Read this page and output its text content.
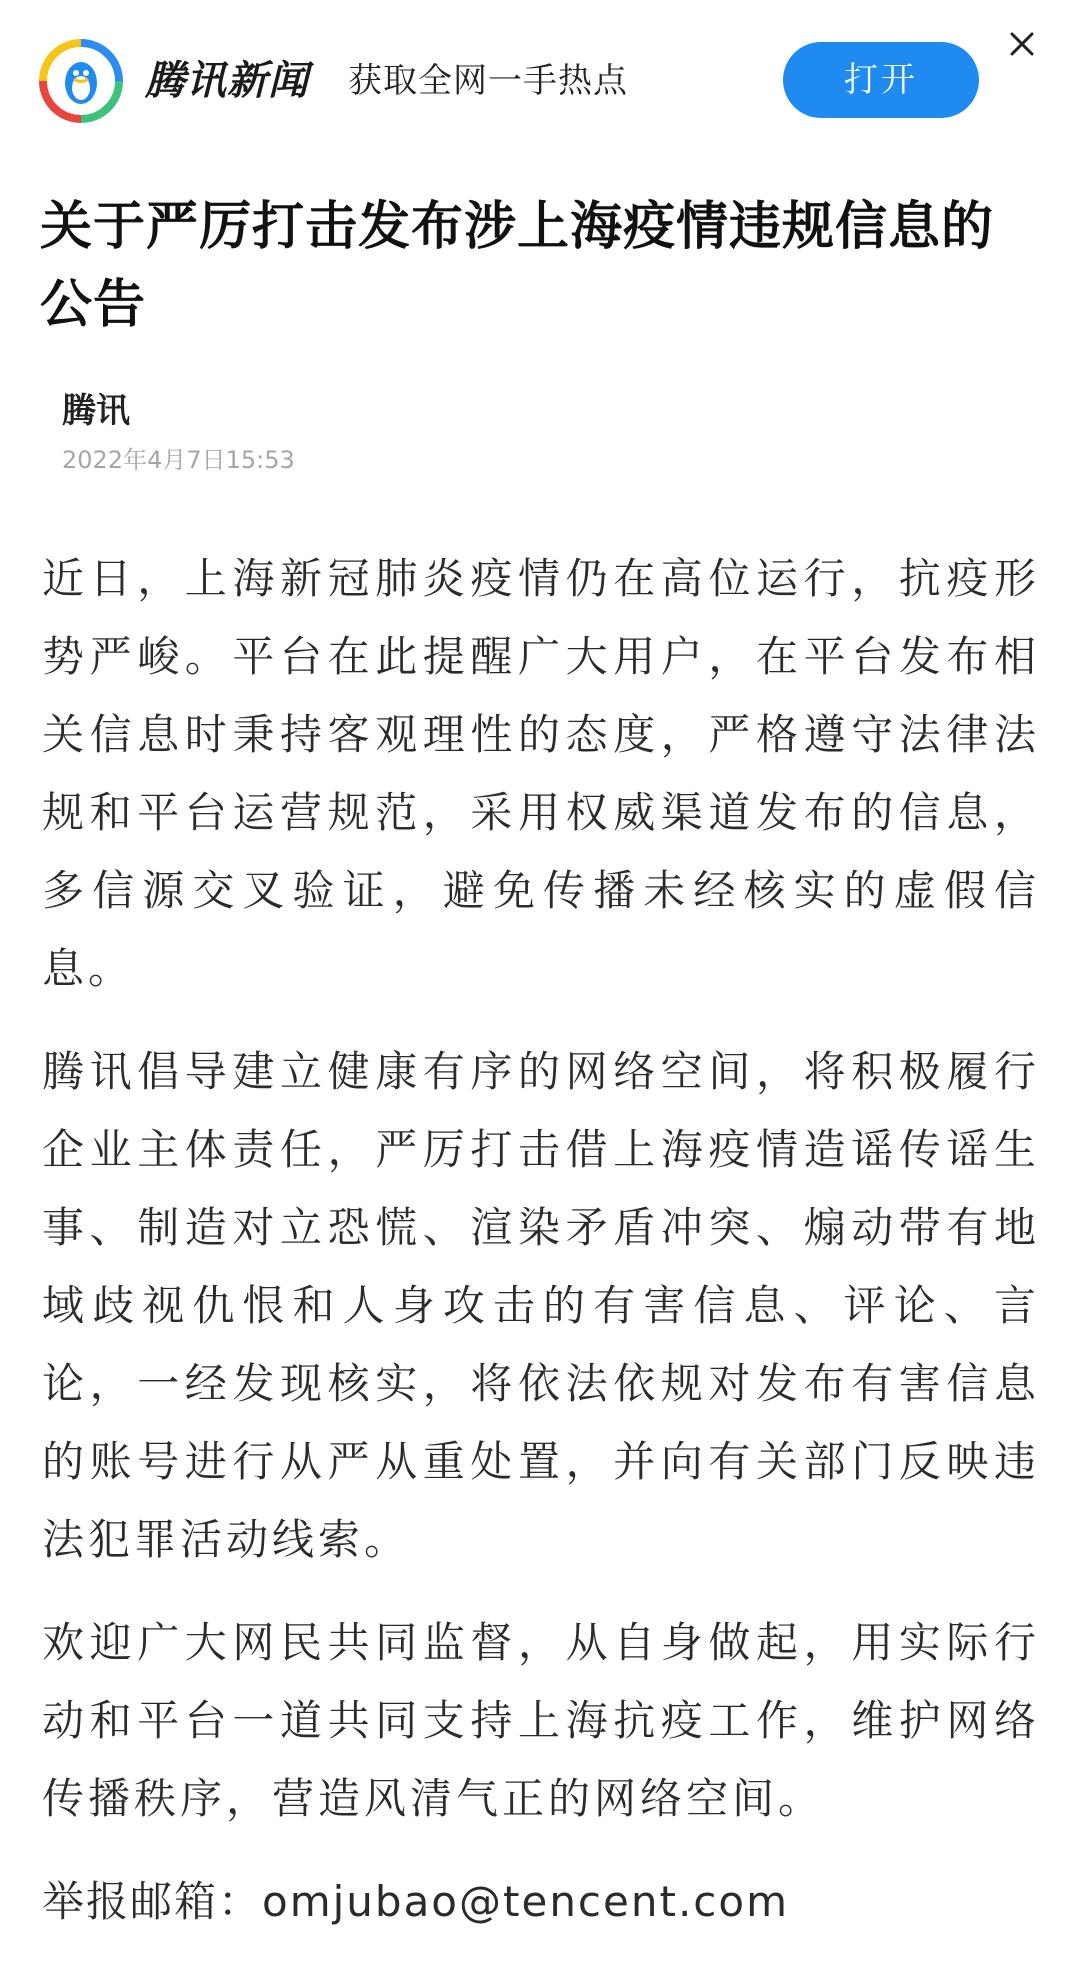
腾讯新闻 获取全网一手热点	打开
关于严厉打击发布涉上海疫情违规信息的公告
腾讯
2022年4月7日15:53

近日，上海新冠肺炎疫情仍在高位运行，抗疫形势严峻。平台在此提醒广大用户，在平台发布相关信息时秉持客观理性的态度，严格遵守法律法规和平台运营规范，采用权威渠道发布的信息，多信源交叉验证，避免传播未经核实的虚假信息。

腾讯倡导建立健康有序的网络空间，将积极履行企业主体责任，严厉打击借上海疫情造谣传谣生事、制造对立恐慌、渲染矛盾冲突、煽动带有地域歧视仇恨和人身攻击的有害信息、评论、言论，一经发现核实，将依法依规对发布有害信息的账号进行从严从重处置，并向有关部门反映违法犯罪活动线索。

欢迎广大网民共同监督，从自身做起，用实际行动和平台一道共同支持上海抗疫工作，维护网络传播秩序，营造风清气正的网络空间。

举报邮箱：omjubao@tencent.com
